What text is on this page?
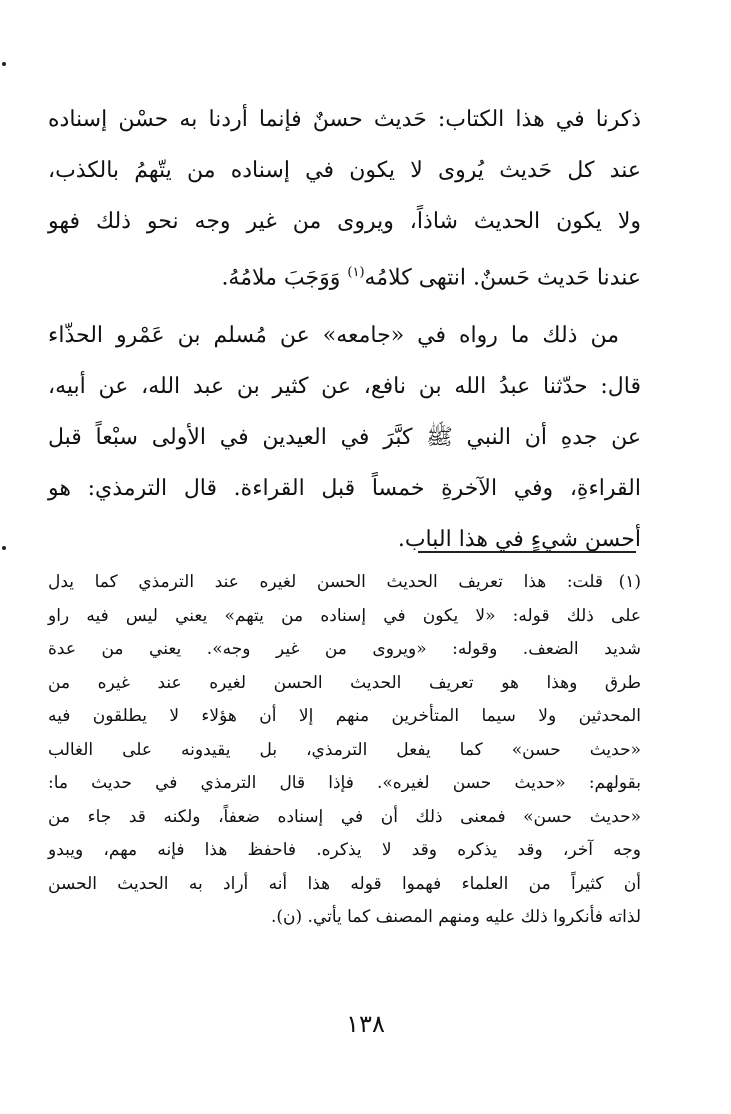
ذكرنا في هذا الكتاب: حَديث حسنٌ فإنما أردنا به حسْن إسناده
عند كل حَديث يُروى لا يكون في إسناده من يتّهمُ بالكذب،
ولا يكون الحديث شاذاً، ويروى من غير وجه نحو ذلك فهو
عندنا حَديث حَسنٌ. انتهى كلامُه$^{(١)}$ وَوَجَبَ ملامُهُ.
من ذلك ما رواه في «جامعه» عن مُسلم بن عَمْرو الحذّاء
قال: حدّثنا عبدُ الله بن نافع، عن كثير بن عبد الله، عن أبيه،
عن جدهِ أن النبي ﷺ كبَّرَ في العيدين في الأولى سبْعاً قبل
القراءةِ، وفي الآخرةِ خمساً قبل القراءة. قال الترمذي: هو
أحسن شيءٍ في هذا الباب.
(١)قلت: هذا تعريف الحديث الحسن لغيره عند الترمذي كما يدل
على ذلك قوله: «لا يكون في إسناده من يتهم» يعني ليس فيه راو
شديد الضعف. وقوله: «ويروى من غير وجه». يعني من عدة
طرق وهذا هو تعريف الحديث الحسن لغيره عند غيره من
المحدثين ولا سيما المتأخرين منهم إلا أن هؤلاء لا يطلقون فيه
«حديث حسن» كما يفعل الترمذي، بل يقيدونه على الغالب
بقولهم: «حديث حسن لغيره». فإذا قال الترمذي في حديث ما:
«حديث حسن» فمعنى ذلك أن في إسناده ضعفاً، ولكنه قد جاء من
وجه آخر، وقد يذكره وقد لا يذكره. فاحفظ هذا فإنه مهم، ويبدو
أن كثيراً من العلماء فهموا قوله هذا أنه أراد به الحديث الحسن
لذاته فأنكروا ذلك عليه ومنهم المصنف كما يأتي. (ن).
١٣٨
